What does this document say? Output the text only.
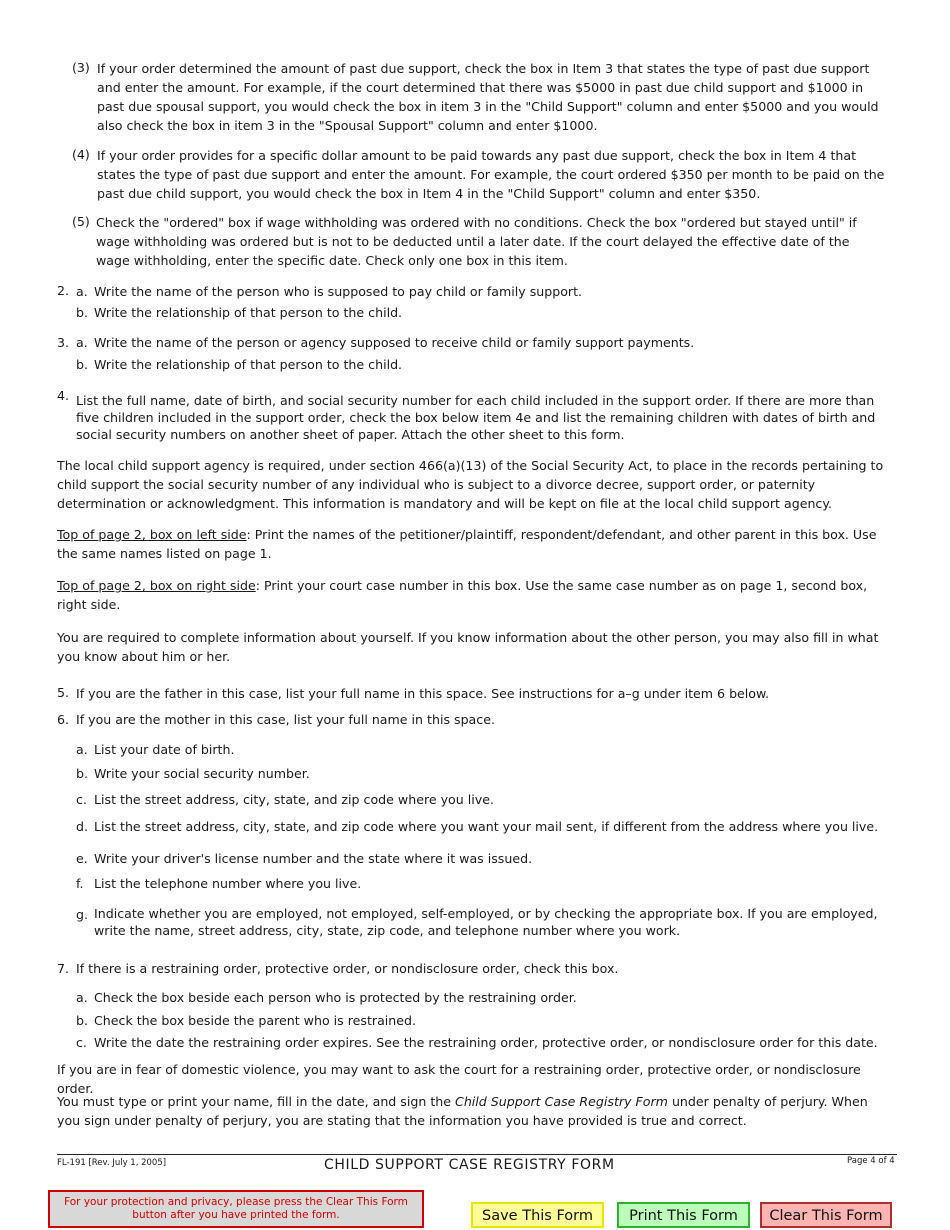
(3) If your order determined the amount of past due support, check the box in Item 3 that states the type of past due support and enter the amount. For example, if the court determined that there was $5000 in past due child support and $1000 in past due spousal support, you would check the box in item 3 in the "Child Support" column and enter $5000 and you would also check the box in item 3 in the "Spousal Support" column and enter $1000.

(4) If your order provides for a specific dollar amount to be paid towards any past due support, check the box in Item 4 that states the type of past due support and enter the amount. For example, the court ordered $350 per month to be paid on the past due child support, you would check the box in Item 4 in the "Child Support" column and enter $350.

(5) Check the "ordered" box if wage withholding was ordered with no conditions. Check the box "ordered but stayed until" if wage withholding was ordered but is not to be deducted until a later date. If the court delayed the effective date of the wage withholding, enter the specific date. Check only one box in this item.

2. a. Write the name of the person who is supposed to pay child or family support.

b. Write the relationship of that person to the child.

3. a. Write the name of the person or agency supposed to receive child or family support payments.

b. Write the relationship of that person to the child.

4. List the full name, date of birth, and social security number for each child included in the support order. If there are more than five children included in the support order, check the box below item 4e and list the remaining children with dates of birth and social security numbers on another sheet of paper. Attach the other sheet to this form.

The local child support agency is required, under section 466(a)(13) of the Social Security Act, to place in the records pertaining to child support the social security number of any individual who is subject to a divorce decree, support order, or paternity determination or acknowledgment. This information is mandatory and will be kept on file at the local child support agency.

Top of page 2, box on left side: Print the names of the petitioner/plaintiff, respondent/defendant, and other parent in this box. Use the same names listed on page 1.

Top of page 2, box on right side: Print your court case number in this box. Use the same case number as on page 1, second box, right side.

You are required to complete information about yourself. If you know information about the other person, you may also fill in what you know about him or her.

5. If you are the father in this case, list your full name in this space. See instructions for a–g under item 6 below.

6. If you are the mother in this case, list your full name in this space.

a. List your date of birth.

b. Write your social security number.

c. List the street address, city, state, and zip code where you live.

d. List the street address, city, state, and zip code where you want your mail sent, if different from the address where you live.

e. Write your driver's license number and the state where it was issued.

f. List the telephone number where you live.

g. Indicate whether you are employed, not employed, self-employed, or by checking the appropriate box. If you are employed, write the name, street address, city, state, zip code, and telephone number where you work.

7. If there is a restraining order, protective order, or nondisclosure order, check this box.

a. Check the box beside each person who is protected by the restraining order.

b. Check the box beside the parent who is restrained.

c. Write the date the restraining order expires. See the restraining order, protective order, or nondisclosure order for this date.

If you are in fear of domestic violence, you may want to ask the court for a restraining order, protective order, or nondisclosure order.

You must type or print your name, fill in the date, and sign the Child Support Case Registry Form under penalty of perjury. When you sign under penalty of perjury, you are stating that the information you have provided is true and correct.

FL-191 [Rev. July 1, 2005]	CHILD SUPPORT CASE REGISTRY FORM	Page 4 of 4
For your protection and privacy, please press the Clear This Form button after you have printed the form.	Save This Form	Print This Form	Clear This Form
